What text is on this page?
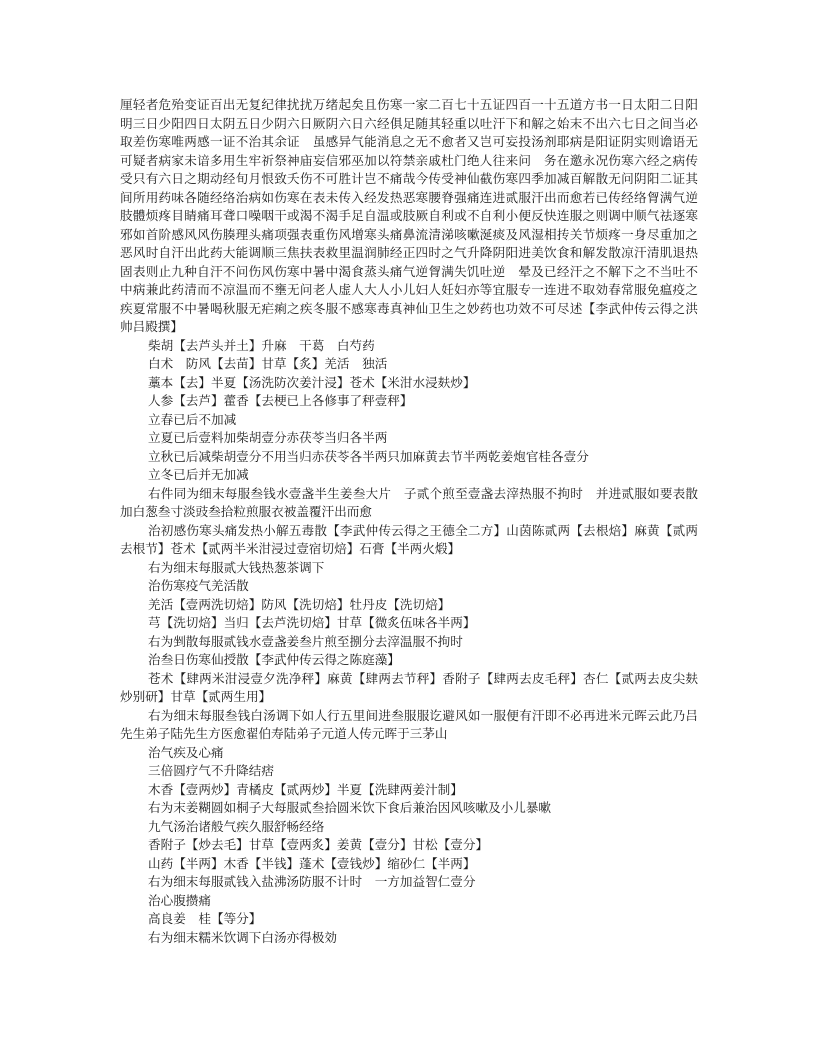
厘轻者危殆变证百出无复纪律扰扰万绪起矣且伤寒一家二百七十五证四百一十五道方书一日太阳二日阳明三日少阳四日太阴五日少阴六日厥阴六日六经俱足随其轻重以吐汗下和解之始末不出六七日之间当必取差伤寒唯两感一证不治其余证　虽感异气能消息之无不愈者又岂可妄投汤剂耶病是阳证阴实则谵语无可疑者病家未谙多用生牢祈祭神庙妄信邪巫加以符禁亲戚杜门绝人往来问　务在邀永况伤寒六经之病传受只有六日之期动经旬月恨致夭伤不可胜计岂不痛哉今传受神仙截伤寒四季加减百解散无问阴阳二证其间所用药味各随经络治病如伤寒在表未传入经发热恶寒腰脊强痛连进贰服汗出而愈若已传经络胷满气逆肢體烦疼目睛痛耳聋口噪咽干或渴不渴手足自温或肢厥自利或不自利小便反快连服之则调中顺气祛逐寒邪如首阶感风风伤腠理头痛项强表重伤风增寒头痛鼻流清涕咳嗽涎痰及风湿相抟关节烦疼一身尽重加之恶风时自汗出此药大能调顺三焦扶表救里温润肺经正四时之气升降阴阳进美饮食和解发散凉汗清肌退热固表则止九种自汗不问伤风伤寒中暑中渴食蒸头痛气逆胷满失饥吐逆　晕及已经汗之不解下之不当吐不中病兼此药清而不凉温而不壅无问老人虚人大人小儿妇人妊妇亦等宜服专一连进不取効春常服免瘟疫之疾夏常服不中暑喝秋服无疟痢之疾冬服不感寒毒真神仙卫生之妙药也功效不可尽述【李武仲传云得之洪帅吕殿撰】

柴胡【去芦头并土】升麻　干葛　白芍药

白术　防风【去苗】甘草【炙】羌活　独活

藁本【去】半夏【汤洗防次姜汁浸】苍术【米泔水浸麸炒】

人参【去芦】藿香【去梗已上各修事了秤壹秤】

立春已后不加减

立夏已后壹料加柴胡壹分赤茯苓当归各半两

立秋已后减柴胡壹分不用当归赤茯苓各半两只加麻黄去节半两乾姜炮官桂各壹分

立冬已后并无加减

右件同为细末每服叁钱水壹盏半生姜叁大片　子贰个煎至壹盏去滓热服不拘时　并进贰服如要表散加白葱叁寸淡豉叁拾粒煎服衣被盖覆汗出而愈

治初感伤寒头痛发热小解五毒散【李武仲传云得之王德全二方】山茵陈贰两【去根焙】麻黄【贰两去根节】苍术【贰两半米泔浸过壹宿切焙】石膏【半两火煅】

右为细末每服贰大钱热葱茶调下

治伤寒疫气羌活散

羌活【壹两洗切焙】防风【洗切焙】牡丹皮【洗切焙】

芎【洗切焙】当归【去芦洗切焙】甘草【微炙伍味各半两】

右为剉散每服贰钱水壹盏姜叁片煎至捌分去滓温服不拘时

治叁日伤寒仙授散【李武仲传云得之陈庭藻】

苍术【肆两米泔浸壹夕洗净秤】麻黄【肆两去节秤】香附子【肆两去皮毛秤】杏仁【贰两去皮尖麸炒别研】甘草【贰两生用】

右为细末每服叁钱白汤调下如人行五里间进叁服服讫避风如一服便有汗即不必再进米元晖云此乃吕先生弟子陆先生方医愈翟伯寿陆弟子元道人传元晖于三茅山

治气疾及心痛

三倍圆疗气不升降结痞

木香【壹两炒】青橘皮【贰两炒】半夏【洗肆两姜汁制】

右为末姜糊圆如桐子大每服贰叁拾圆米饮下食后兼治因风咳嗽及小儿暴嗽

九气汤治诸般气疾久服舒畅经络

香附子【炒去毛】甘草【壹两炙】姜黄【壹分】甘松【壹分】

山药【半两】木香【半钱】蓬术【壹钱炒】缩砂仁【半两】

右为细末每服贰钱入盐沸汤防服不计时　一方加益智仁壹分

治心腹攒痛

高良姜　桂【等分】

右为细末糯米饮调下白汤亦得极効
